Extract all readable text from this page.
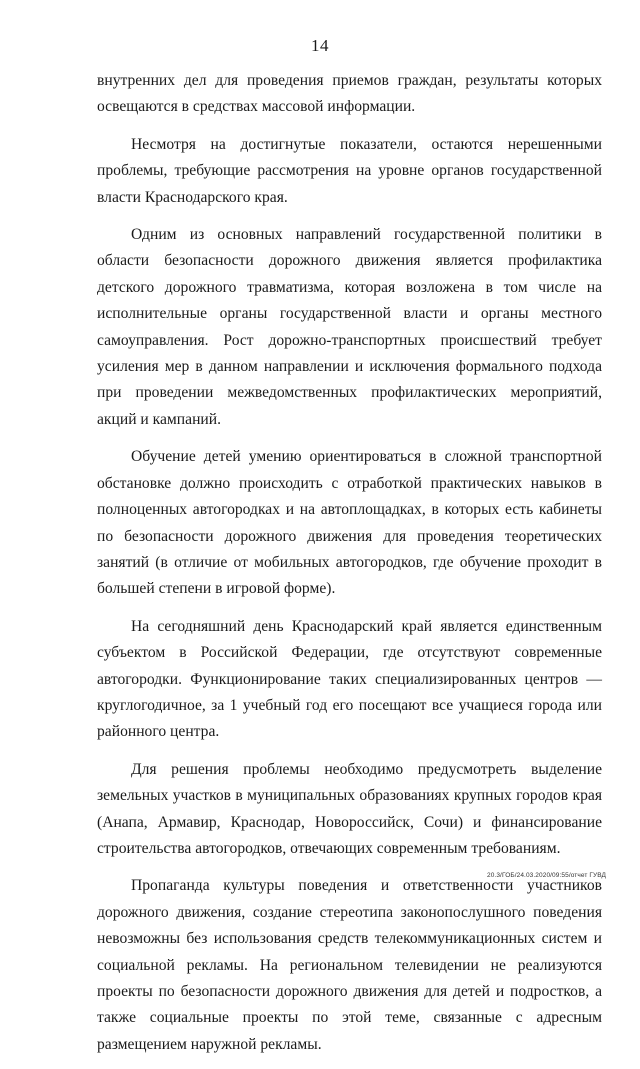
14

внутренних дел для проведения приемов граждан, результаты которых освещаются в средствах массовой информации.

Несмотря на достигнутые показатели, остаются нерешенными проблемы, требующие рассмотрения на уровне органов государственной власти Краснодарского края.

Одним из основных направлений государственной политики в области безопасности дорожного движения является профилактика детского дорожного травматизма, которая возложена в том числе на исполнительные органы государственной власти и органы местного самоуправления. Рост дорожно-транспортных происшествий требует усиления мер в данном направлении и исключения формального подхода при проведении межведомственных профилактических мероприятий, акций и кампаний.

Обучение детей умению ориентироваться в сложной транспортной обстановке должно происходить с отработкой практических навыков в полноценных автогородках и на автоплощадках, в которых есть кабинеты по безопасности дорожного движения для проведения теоретических занятий (в отличие от мобильных автогородков, где обучение проходит в большей степени в игровой форме).

На сегодняшний день Краснодарский край является единственным субъектом в Российской Федерации, где отсутствуют современные автогородки. Функционирование таких специализированных центров — круглогодичное, за 1 учебный год его посещают все учащиеся города или районного центра.

Для решения проблемы необходимо предусмотреть выделение земельных участков в муниципальных образованиях крупных городов края (Анапа, Армавир, Краснодар, Новороссийск, Сочи) и финансирование строительства автогородков, отвечающих современным требованиям.

Пропаганда культуры поведения и ответственности участников дорожного движения, создание стереотипа законопослушного поведения невозможны без использования средств телекоммуникационных систем и социальной рекламы. На региональном телевидении не реализуются проекты по безопасности дорожного движения для детей и подростков, а также социальные проекты по этой теме, связанные с адресным размещением наружной рекламы.

20.3/ГОБ/24.03.2020/09:55/отчет ГУВД
